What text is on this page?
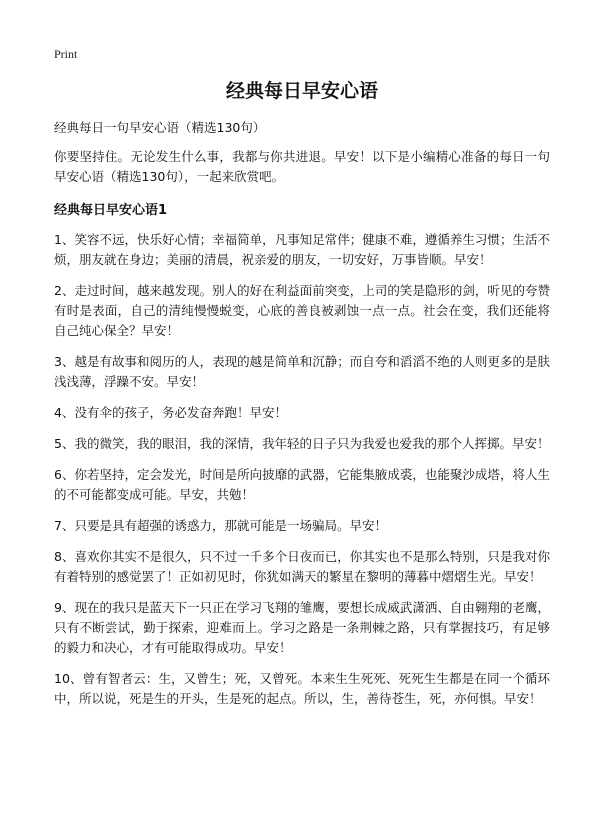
Print
经典每日早安心语

经典每日一句早安心语（精选130句）

你要坚持住。无论发生什么事，我都与你共进退。早安！以下是小编精心准备的每日一句早安心语（精选130句），一起来欣赏吧。

经典每日早安心语1

1、笑容不远，快乐好心情；幸福简单，凡事知足常伴；健康不难，遵循养生习惯；生活不烦，朋友就在身边；美丽的清晨，祝亲爱的朋友，一切安好，万事皆顺。早安！

2、走过时间，越来越发现。别人的好在利益面前突变，上司的笑是隐形的剑，听见的夸赞有时是表面，自己的清纯慢慢蜕变，心底的善良被剥蚀一点一点。社会在变，我们还能将自己纯心保全？早安！

3、越是有故事和阅历的人，表现的越是简单和沉静；而自夸和滔滔不绝的人则更多的是肤浅浅薄，浮躁不安。早安！

4、没有伞的孩子，务必发奋奔跑！早安！

5、我的微笑，我的眼泪，我的深情，我年轻的日子只为我爱也爱我的那个人挥掷。早安！

6、你若坚持，定会发光，时间是所向披靡的武器，它能集腋成裘，也能聚沙成塔，将人生的不可能都变成可能。早安，共勉！

7、只要是具有超强的诱惑力，那就可能是一场骗局。早安！

8、喜欢你其实不是很久，只不过一千多个日夜而已，你其实也不是那么特别，只是我对你有着特别的感觉罢了！正如初见时，你犹如满天的繁星在黎明的薄暮中熠熠生光。早安！

9、现在的我只是蓝天下一只正在学习飞翔的雏鹰，要想长成威武潇洒、自由翱翔的老鹰，只有不断尝试，勤于探索，迎难而上。学习之路是一条荆棘之路，只有掌握技巧，有足够的毅力和决心，才有可能取得成功。早安！

10、曾有智者云：生，又曾生；死，又曾死。本来生生死死、死死生生都是在同一个循环中，所以说，死是生的开头，生是死的起点。所以，生，善待苍生，死，亦何惧。早安！
